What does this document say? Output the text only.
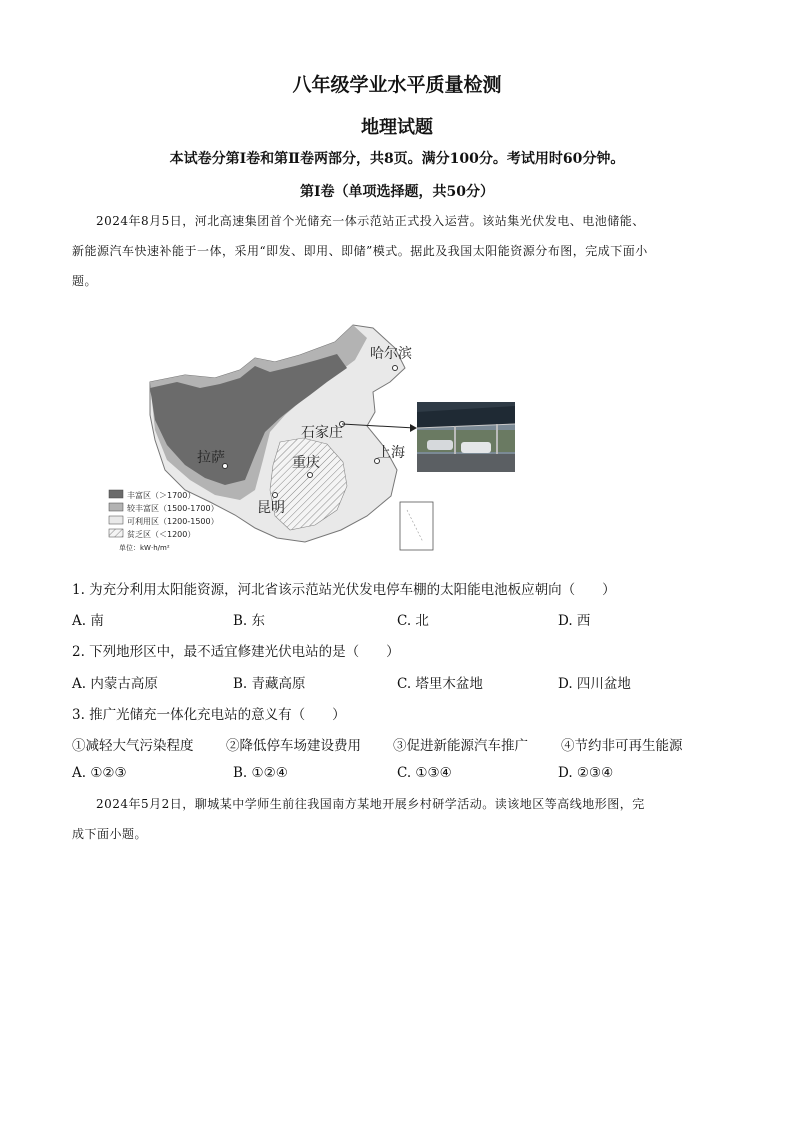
八年级学业水平质量检测
地理试题
本试卷分第Ⅰ卷和第Ⅱ卷两部分，共8页。满分100分。考试用时60分钟。
第Ⅰ卷（单项选择题，共50分）
2024年8月5日，河北高速集团首个光储充一体示范站正式投入运营。该站集光伏发电、电池储能、
新能源汽车快速补能于一体，采用“即发、即用、即储”模式。据此及我国太阳能资源分布图，完成下面小
题。
哈尔滨
石家庄
拉萨	重庆
上海
昆明
丰富区（＞1700）
较丰富区（1500-1700）
可利用区（1200-1500）
贫乏区（＜1200）
单位：kW·h/m²
1. 为充分利用太阳能资源，河北省该示范站光伏发电停车棚的太阳能电池板应朝向（　　）
A. 南	B. 东	C. 北	D. 西
2. 下列地形区中，最不适宜修建光伏电站的是（　　）
A. 内蒙古高原	B. 青藏高原	C. 塔里木盆地	D. 四川盆地
3. 推广光储充一体化充电站的意义有（　　）
①减轻大气污染程度 ②降低停车场建设费用 ③促进新能源汽车推广 ④节约非可再生能源
A. ①②③	B. ①②④	C. ①③④	D. ②③④
2024年5月2日，聊城某中学师生前往我国南方某地开展乡村研学活动。读该地区等高线地形图，完
成下面小题。
